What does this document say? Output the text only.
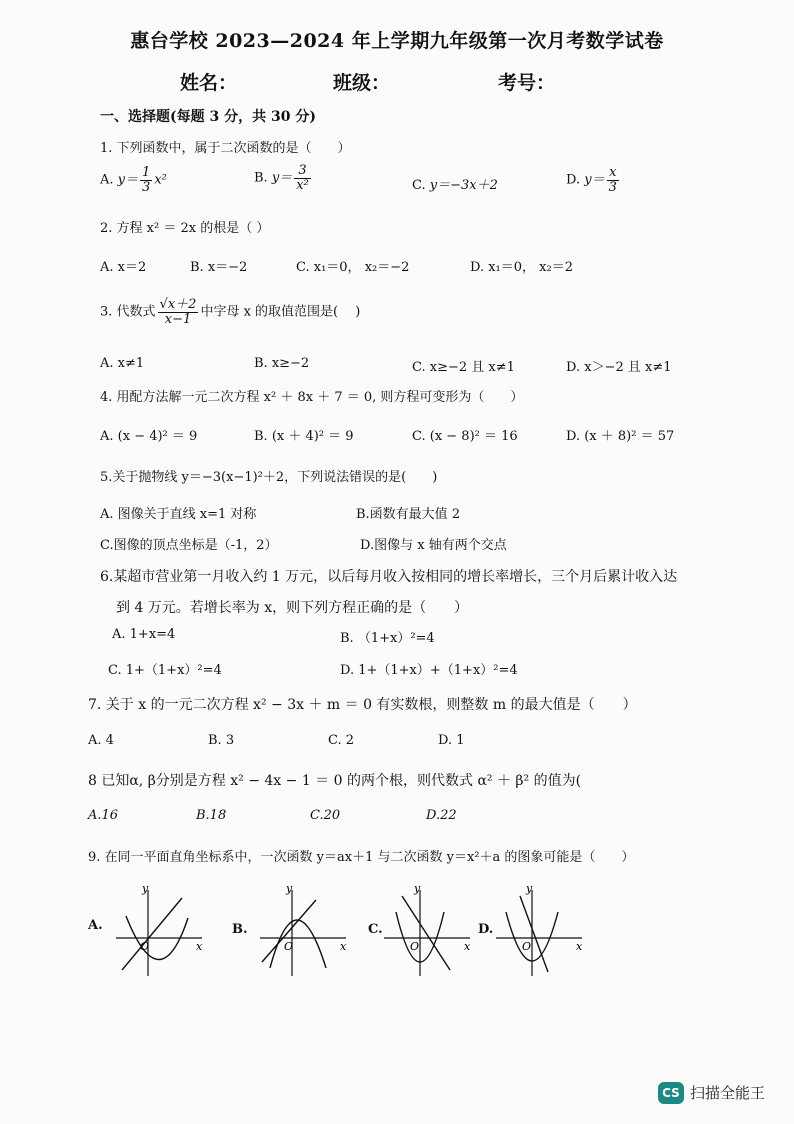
惠台学校 2023—2024 年上学期九年级第一次月考数学试卷
姓名：	班级：	考号：
一、选择题(每题 3 分，共 30 分)
1. 下列函数中，属于二次函数的是（　　）
A. $y= \frac{1}{3} x^2$	B. $y= \frac{3}{\text{x²}}$	C. y＝−3x＋2	D. $y= \frac{x}{3}$
2. 方程 x² ＝ 2x 的根是（ ）
A. x＝2	B. x＝−2	C. x₁＝0， x₂＝−2	D. x₁＝0， x₂＝2
3. 代数式 $\frac{√x+2}{x-1}$ 中字母 x 的取值范围是(　 )
A. x≠1	B. x≥−2	C. x≥−2 且 x≠1	D. x＞−2 且 x≠1
4. 用配方法解一元二次方程 x² ＋ 8x ＋ 7 ＝ 0, 则方程可变形为（　　）
A. (x − 4)² ＝ 9	B. (x ＋ 4)² ＝ 9	C. (x − 8)² ＝ 16	D. (x ＋ 8)² ＝ 57
5.关于抛物线 y＝−3(x−1)²＋2，下列说法错误的是(　　)
A. 图像关于直线 x=1 对称	B.函数有最大值 2
C.图像的顶点坐标是（-1，2）	D.图像与 x 轴有两个交点
6.某超市营业第一月收入约 1 万元，以后每月收入按相同的增长率增长，三个月后累计收入达
到 4 万元。若增长率为 x，则下列方程正确的是（　　）
A. 1+x=4	B. （1+x）²=4
C. 1+（1+x）²=4	D. 1+（1+x）+（1+x）²=4
7. 关于 x 的一元二次方程 x² − 3x ＋ m ＝ 0 有实数根，则整数 m 的最大值是（　　）
A. 4	B. 3	C. 2	D. 1
8 已知α, β分别是方程 x² − 4x − 1 ＝ 0 的两个根，则代数式 α² ＋ β² 的值为(
A.16	B.18	C.20	D.22
9. 在同一平面直角坐标系中，一次函数 y＝ax＋1 与二次函数 y＝x²＋a 的图象可能是（　　）
A.
y
x
O
B.
y
x
O
C.
y
x
O
D.
y
x
O
CS 扫描全能王
